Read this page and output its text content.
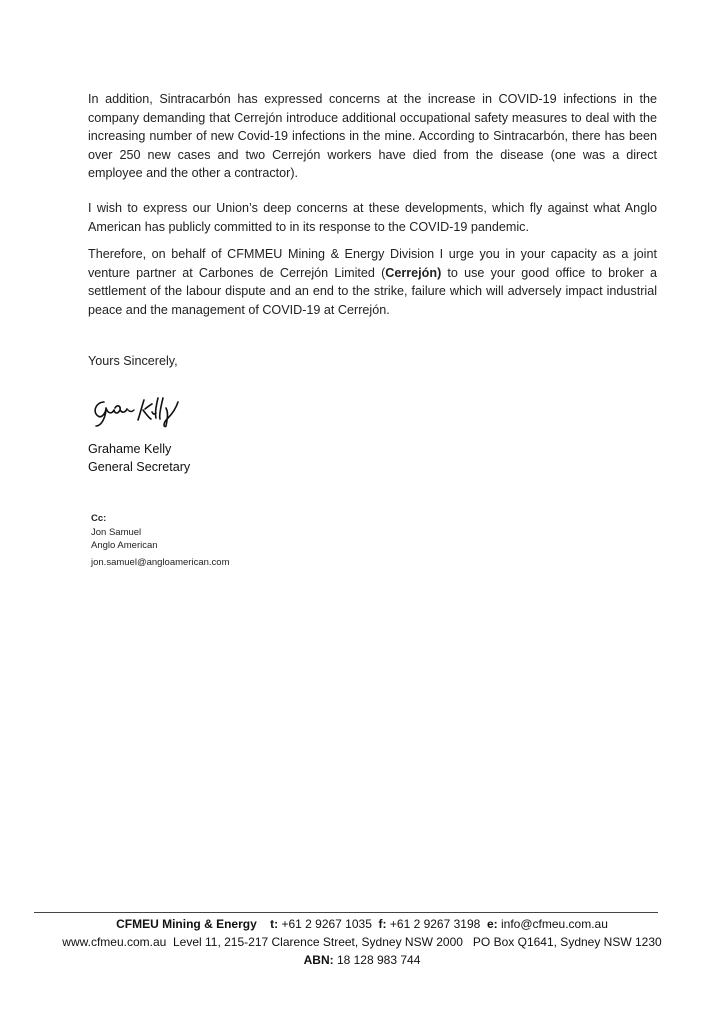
In addition, Sintracarbón has expressed concerns at the increase in COVID-19 infections in the company demanding that Cerrejón introduce additional occupational safety measures to deal with the increasing number of new Covid-19 infections in the mine. According to Sintracarbón, there has been over 250 new cases and two Cerrejón workers have died from the disease (one was a direct employee and the other a contractor).

I wish to express our Union’s deep concerns at these developments, which fly against what Anglo American has publicly committed to in its response to the COVID-19 pandemic.

Therefore, on behalf of CFMMEU Mining & Energy Division I urge you in your capacity as a joint venture partner at Carbones de Cerrejón Limited (Cerrejón) to use your good office to broker a settlement of the labour dispute and an end to the strike, failure which will adversely impact industrial peace and the management of COVID-19 at Cerrejón.

Yours Sincerely,

Grahame Kelly
General Secretary
Cc:
Jon Samuel
Anglo American
jon.samuel@angloamerican.com
CFMEU Mining & Energy t: +61 2 9267 1035 f: +61 2 9267 3198 e: info@cfmeu.com.au
www.cfmeu.com.au  Level 11, 215-217 Clarence Street, Sydney NSW 2000   PO Box Q1641, Sydney NSW 1230
ABN: 18 128 983 744
